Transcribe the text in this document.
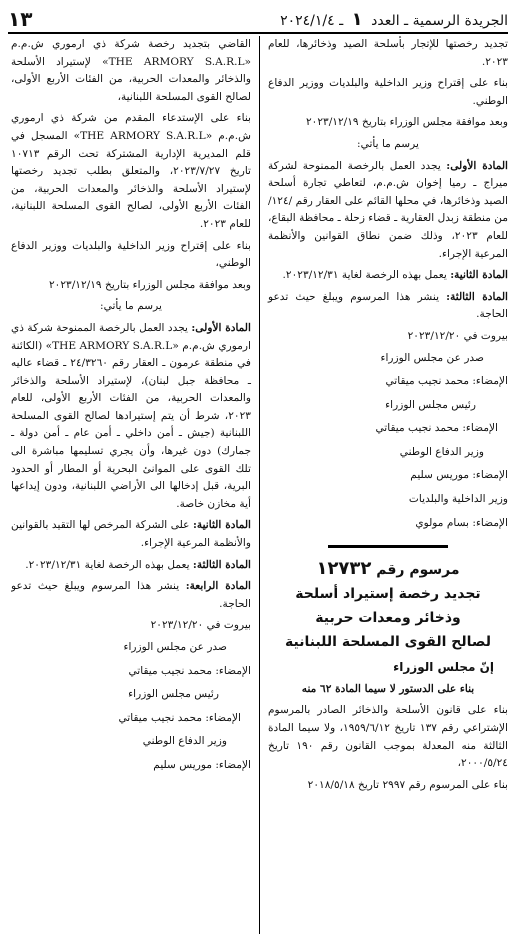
الجريدة الرسمية ـ العدد ١ ـ ٢٠٢٤/١/٤
١٣

تجديد رخصتها للإتجار بأسلحة الصيد وذخائرها، للعام ٢٠٢٣.

بناء على إقتراح وزير الداخلية والبلديات ووزير الدفاع الوطني.

وبعد موافقة مجلس الوزراء بتاريخ ٢٠٢٣/١٢/١٩

يرسم ما يأتي:

المادة الأولى: يجدد العمل بالرخصة الممنوحة لشركة ميراج ـ رميا إخوان ش.م.م، لتعاطي تجارة أسلحة الصيد وذخائرها، في محلها القائم على العقار رقم /١٢٤/ من منطقة زبدل العقارية ـ قضاء زحلة ـ محافظة البقاع، للعام ٢٠٢٣، وذلك ضمن نطاق القوانين والأنظمة المرعية الإجراء.

المادة الثانية: يعمل بهذه الرخصة لغاية ٢٠٢٣/١٢/٣١.

المادة الثالثة: ينشر هذا المرسوم ويبلغ حيث تدعو الحاجة.

بيروت في ٢٠٢٣/١٢/٢٠

صدر عن مجلس الوزراء
الإمضاء: محمد نجيب ميقاتي
رئيس مجلس الوزراء
الإمضاء: محمد نجيب ميقاتي
وزير الدفاع الوطني
الإمضاء: موريس سليم
وزير الداخلية والبلديات
الإمضاء: بسام مولوي
مرسوم رقم ١٢٧٣٢
تجديد رخصة إستيراد أسلحة
وذخائر ومعدات حربية
لصالح القوى المسلحة اللبنانية
إنّ مجلس الوزراء

بناء على الدستور لا سيما المادة ٦٢ منه

بناء على قانون الأسلحة والذخائر الصادر بالمرسوم الإشتراعي رقم ١٣٧ تاريخ ١٩٥٩/٦/١٢، ولا سيما المادة الثالثة منه المعدلة بموجب القانون رقم ١٩٠ تاريخ ٢٠٠٠/٥/٢٤،

بناء على المرسوم رقم ٢٩٩٧ تاريخ ٢٠١٨/٥/١٨

القاضي بتجديد رخصة شركة ذي ارموري ش.م.م «THE ARMORY S.A.R.L» لإستيراد الأسلحة والذخائر والمعدات الحربية، من الفئات الأربع الأولى، لصالح القوى المسلحة اللبنانية،

بناء على الإستدعاء المقدم من شركة ذي ارموري ش.م.م «THE ARMORY S.A.R.L» المسجل في قلم المديرية الإدارية المشتركة تحت الرقم ١٠٧١٣ تاريخ ٢٠٢٣/٧/٢٧، والمتعلق بطلب تجديد رخصتها لإستيراد الأسلحة والذخائر والمعدات الحربية، من الفئات الأربع الأولى، لصالح القوى المسلحة اللبنانية، للعام ٢٠٢٣.

بناء على إقتراح وزير الداخلية والبلديات ووزير الدفاع الوطني،

وبعد موافقة مجلس الوزراء بتاريخ ٢٠٢٣/١٢/١٩

يرسم ما يأتي:

المادة الأولى: يجدد العمل بالرخصة الممنوحة شركة ذي ارموري ش.م.م «THE ARMORY S.A.R.L» (الكائنة في منطقة عرمون ـ العقار رقم ٢٤/٣٢٦٠ ـ قضاء عاليه ـ محافظة جبل لبنان)، لإستيراد الأسلحة والذخائر والمعدات الحربية، من الفئات الأربع الأولى، للعام ٢٠٢٣، شرط أن يتم إستيرادها لصالح القوى المسلحة اللبنانية (جيش ـ أمن داخلي ـ أمن عام ـ أمن دولة ـ جمارك) دون غيرها، وأن يجري تسليمها مباشرة الى تلك القوى على الموانئ البحرية أو المطار أو الحدود البرية، قبل إدخالها الى الأراضي اللبنانية، ودون إيداعها أية مخازن خاصة.

المادة الثانية: على الشركة المرخص لها التقيد بالقوانين والأنظمة المرعية الإجراء.

المادة الثالثة: يعمل بهذه الرخصة لغاية ٢٠٢٣/١٢/٣١.

المادة الرابعة: ينشر هذا المرسوم ويبلغ حيث تدعو الحاجة.

بيروت في ٢٠٢٣/١٢/٢٠

صدر عن مجلس الوزراء
الإمضاء: محمد نجيب ميقاتي
رئيس مجلس الوزراء
الإمضاء: محمد نجيب ميقاتي
وزير الدفاع الوطني
الإمضاء: موريس سليم
